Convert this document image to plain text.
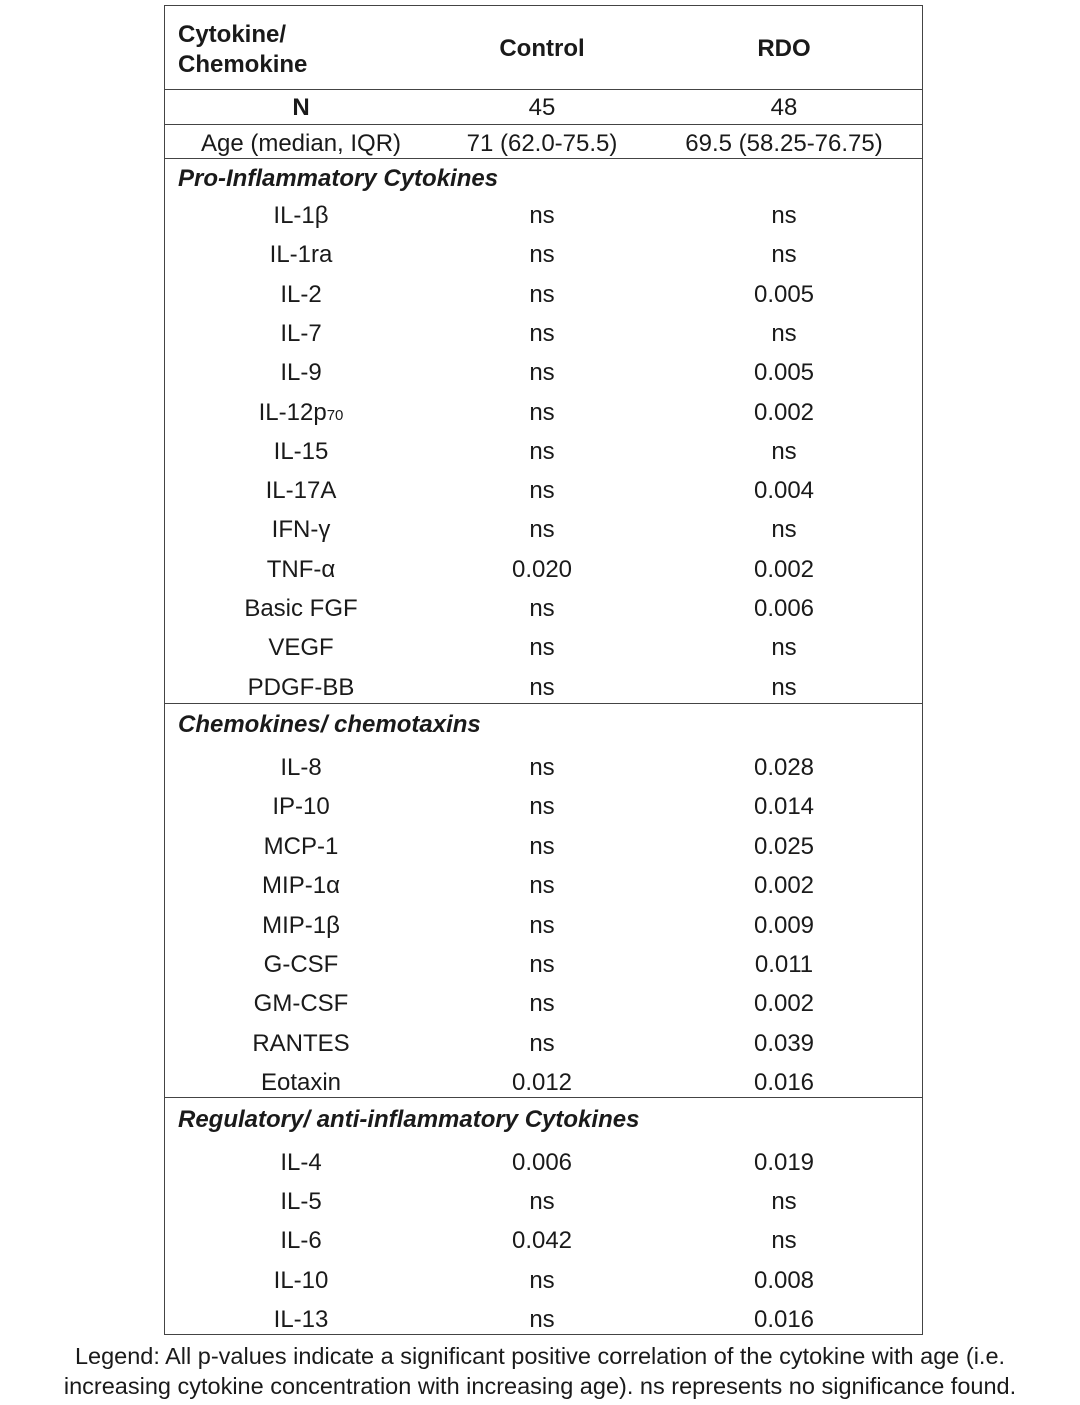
Cytokine/
Chemokine
Control	RDO
N	45	48
Age (median, IQR)	71 (62.0-75.5)	69.5 (58.25-76.75)
Pro-Inflammatory Cytokines
IL-1β	ns	ns
IL-1ra	ns	ns
IL-2	ns	0.005
IL-7	ns	ns
IL-9	ns	0.005
IL-12p70	ns	0.002
IL-15	ns	ns
IL-17A	ns	0.004
IFN-γ	ns	ns
TNF-α	0.020	0.002
Basic FGF	ns	0.006
VEGF	ns	ns
PDGF-BB	ns	ns
Chemokines/ chemotaxins
IL-8	ns	0.028
IP-10	ns	0.014
MCP-1	ns	0.025
MIP-1α	ns	0.002
MIP-1β	ns	0.009
G-CSF	ns	0.011
GM-CSF	ns	0.002
RANTES	ns	0.039
Eotaxin	0.012	0.016
Regulatory/ anti-inflammatory Cytokines
IL-4	0.006	0.019
IL-5	ns	ns
IL-6	0.042	ns
IL-10	ns	0.008
IL-13	ns	0.016
Legend: All p-values indicate a significant positive correlation of the cytokine with age (i.e.
increasing cytokine concentration with increasing age). ns represents no significance found.
